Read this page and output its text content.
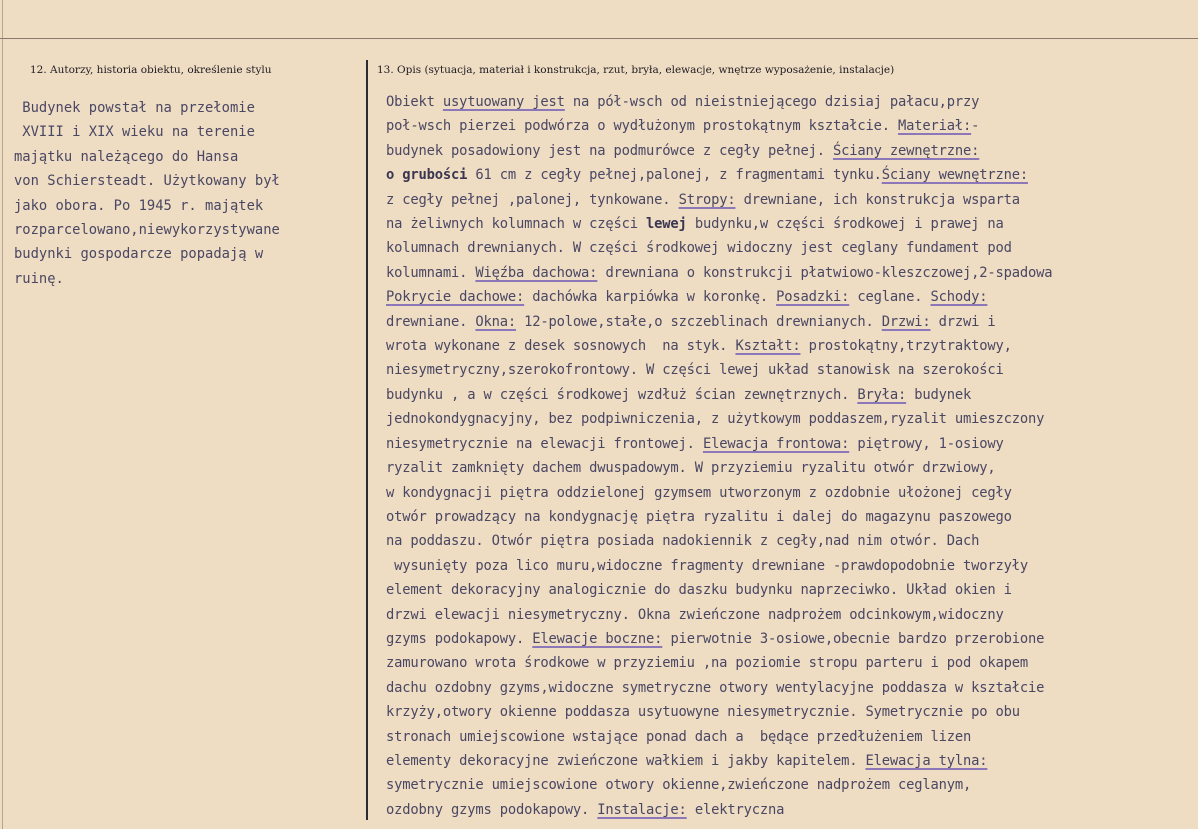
12. Autorzy, historia obiektu, określenie stylu	13. Opis (sytuacja, materiał i konstrukcja, rzut, bryła, elewacje, wnętrze wyposażenie, instalacje)
Budynek powstał na przełomie
XVIII i XIX wieku na terenie
majątku należącego do Hansa
von Schiersteadt. Użytkowany był
jako obora. Po 1945 r. majątek
rozparcelowano,niewykorzystywane
budynki gospodarcze popadają w
ruinę.
Obiekt usytuowany jest na pół-wsch od nieistniejącego dzisiaj pałacu,przy
poł-wsch pierzei podwórza o wydłużonym prostokątnym kształcie. Materiał:-
budynek posadowiony jest na podmurówce z cegły pełnej. Ściany zewnętrzne:
o grubości 61 cm z cegły pełnej,palonej, z fragmentami tynku.Ściany wewnętrzne:
z cegły pełnej ,palonej, tynkowane. Stropy: drewniane, ich konstrukcja wsparta
na żeliwnych kolumnach w części lewej budynku,w części środkowej i prawej na
kolumnach drewnianych. W części środkowej widoczny jest ceglany fundament pod
kolumnami. Więźba dachowa: drewniana o konstrukcji płatwiowo-kleszczowej,2-spadowa
Pokrycie dachowe: dachówka karpiówka w koronkę. Posadzki: ceglane. Schody:
drewniane. Okna: 12-polowe,stałe,o szczeblinach drewnianych. Drzwi: drzwi i
wrota wykonane z desek sosnowych  na styk. Kształt: prostokątny,trzytraktowy,
niesymetryczny,szerokofrontowy. W części lewej układ stanowisk na szerokości
budynku , a w części środkowej wzdłuż ścian zewnętrznych. Bryła: budynek
jednokondygnacyjny, bez podpiwniczenia, z użytkowym poddaszem,ryzalit umieszczony
niesymetrycznie na elewacji frontowej. Elewacja frontowa: piętrowy, 1-osiowy
ryzalit zamknięty dachem dwuspadowym. W przyziemiu ryzalitu otwór drzwiowy,
w kondygnacji piętra oddzielonej gzymsem utworzonym z ozdobnie ułożonej cegły
otwór prowadzący na kondygnację piętra ryzalitu i dalej do magazynu paszowego
na poddaszu. Otwór piętra posiada nadokiennik z cegły,nad nim otwór. Dach
wysunięty poza lico muru,widoczne fragmenty drewniane -prawdopodobnie tworzyły
element dekoracyjny analogicznie do daszku budynku naprzeciwko. Układ okien i
drzwi elewacji niesymetryczny. Okna zwieńczone nadprożem odcinkowym,widoczny
gzyms podokapowy. Elewacje boczne: pierwotnie 3-osiowe,obecnie bardzo przerobione
zamurowano wrota środkowe w przyziemiu ,na poziomie stropu parteru i pod okapem
dachu ozdobny gzyms,widoczne symetryczne otwory wentylacyjne poddasza w kształcie
krzyży,otwory okienne poddasza usytuowyne niesymetrycznie. Symetrycznie po obu
stronach umiejscowione wstające ponad dach a  będące przedłużeniem lizen
elementy dekoracyjne zwieńczone wałkiem i jakby kapitelem. Elewacja tylna:
symetrycznie umiejscowione otwory okienne,zwieńczone nadprożem ceglanym,
ozdobny gzyms podokapowy. Instalacje: elektryczna
